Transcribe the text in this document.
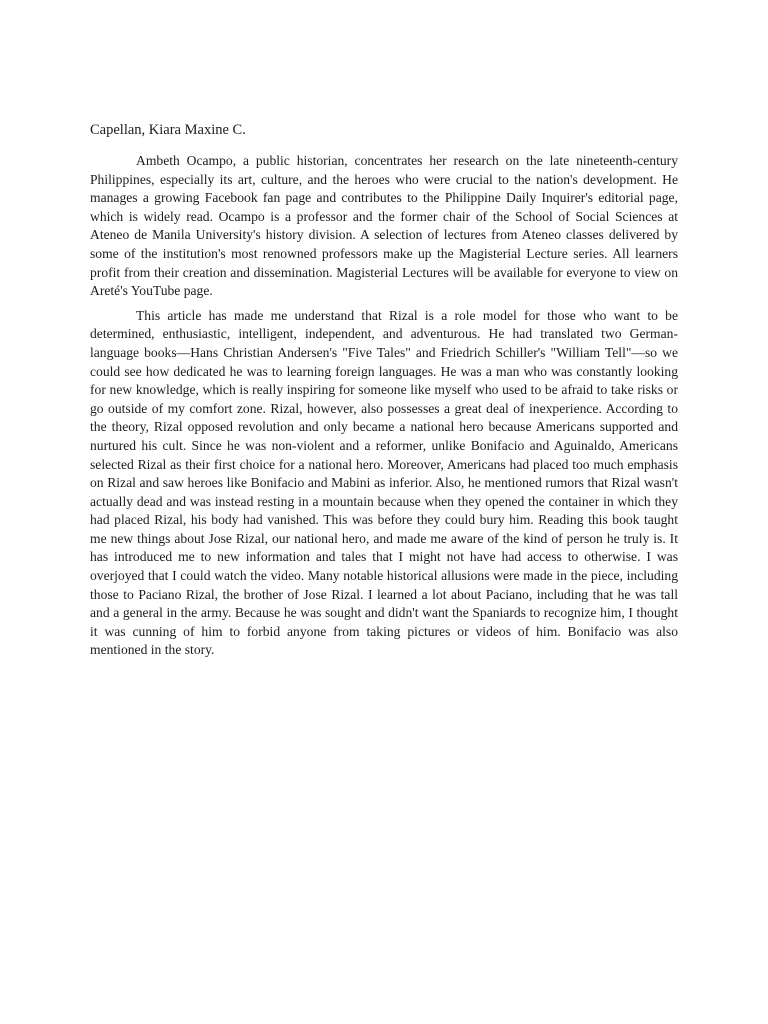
Capellan, Kiara Maxine C.

Ambeth Ocampo, a public historian, concentrates her research on the late nineteenth-century Philippines, especially its art, culture, and the heroes who were crucial to the nation's development. He manages a growing Facebook fan page and contributes to the Philippine Daily Inquirer's editorial page, which is widely read. Ocampo is a professor and the former chair of the School of Social Sciences at Ateneo de Manila University's history division. A selection of lectures from Ateneo classes delivered by some of the institution's most renowned professors make up the Magisterial Lecture series. All learners profit from their creation and dissemination. Magisterial Lectures will be available for everyone to view on Areté's YouTube page.

This article has made me understand that Rizal is a role model for those who want to be determined, enthusiastic, intelligent, independent, and adventurous. He had translated two German-language books—Hans Christian Andersen's "Five Tales" and Friedrich Schiller's "William Tell"—so we could see how dedicated he was to learning foreign languages. He was a man who was constantly looking for new knowledge, which is really inspiring for someone like myself who used to be afraid to take risks or go outside of my comfort zone. Rizal, however, also possesses a great deal of inexperience. According to the theory, Rizal opposed revolution and only became a national hero because Americans supported and nurtured his cult. Since he was non-violent and a reformer, unlike Bonifacio and Aguinaldo, Americans selected Rizal as their first choice for a national hero. Moreover, Americans had placed too much emphasis on Rizal and saw heroes like Bonifacio and Mabini as inferior. Also, he mentioned rumors that Rizal wasn't actually dead and was instead resting in a mountain because when they opened the container in which they had placed Rizal, his body had vanished. This was before they could bury him. Reading this book taught me new things about Jose Rizal, our national hero, and made me aware of the kind of person he truly is. It has introduced me to new information and tales that I might not have had access to otherwise. I was overjoyed that I could watch the video. Many notable historical allusions were made in the piece, including those to Paciano Rizal, the brother of Jose Rizal. I learned a lot about Paciano, including that he was tall and a general in the army. Because he was sought and didn't want the Spaniards to recognize him, I thought it was cunning of him to forbid anyone from taking pictures or videos of him. Bonifacio was also mentioned in the story.
